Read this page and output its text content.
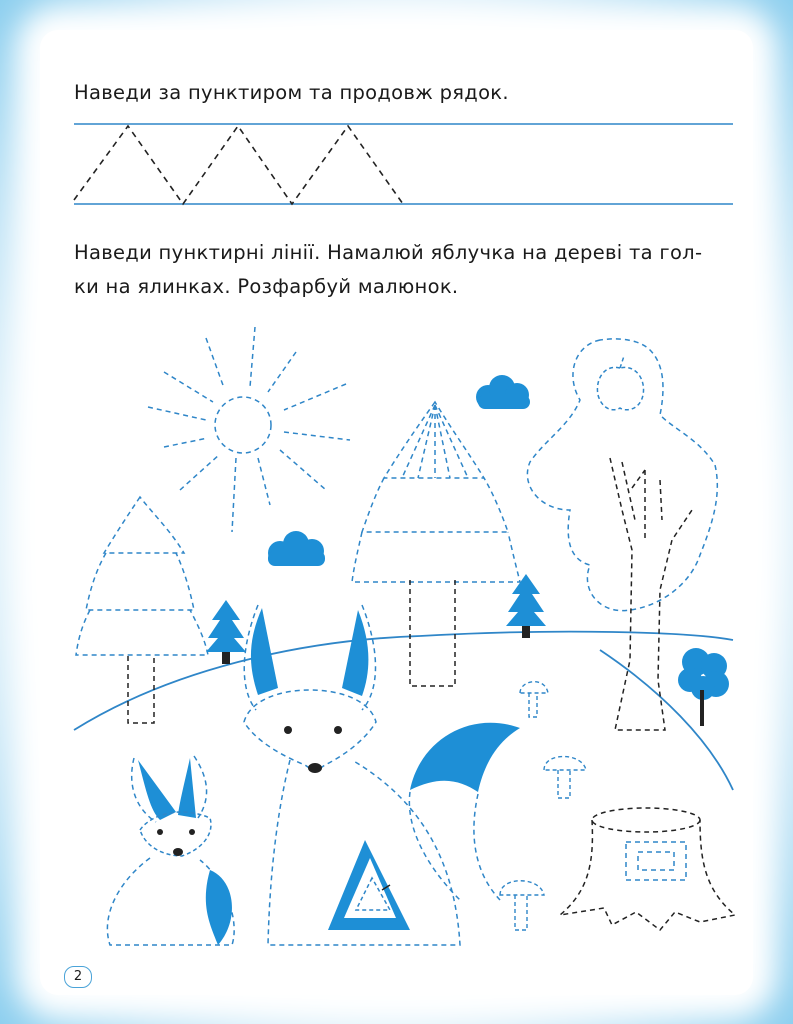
Наведи за пунктиром та продовж рядок.
Наведи пунктирні лінії. Намалюй яблучка на дереві та гол-
ки на ялинках. Розфарбуй малюнок.
2
